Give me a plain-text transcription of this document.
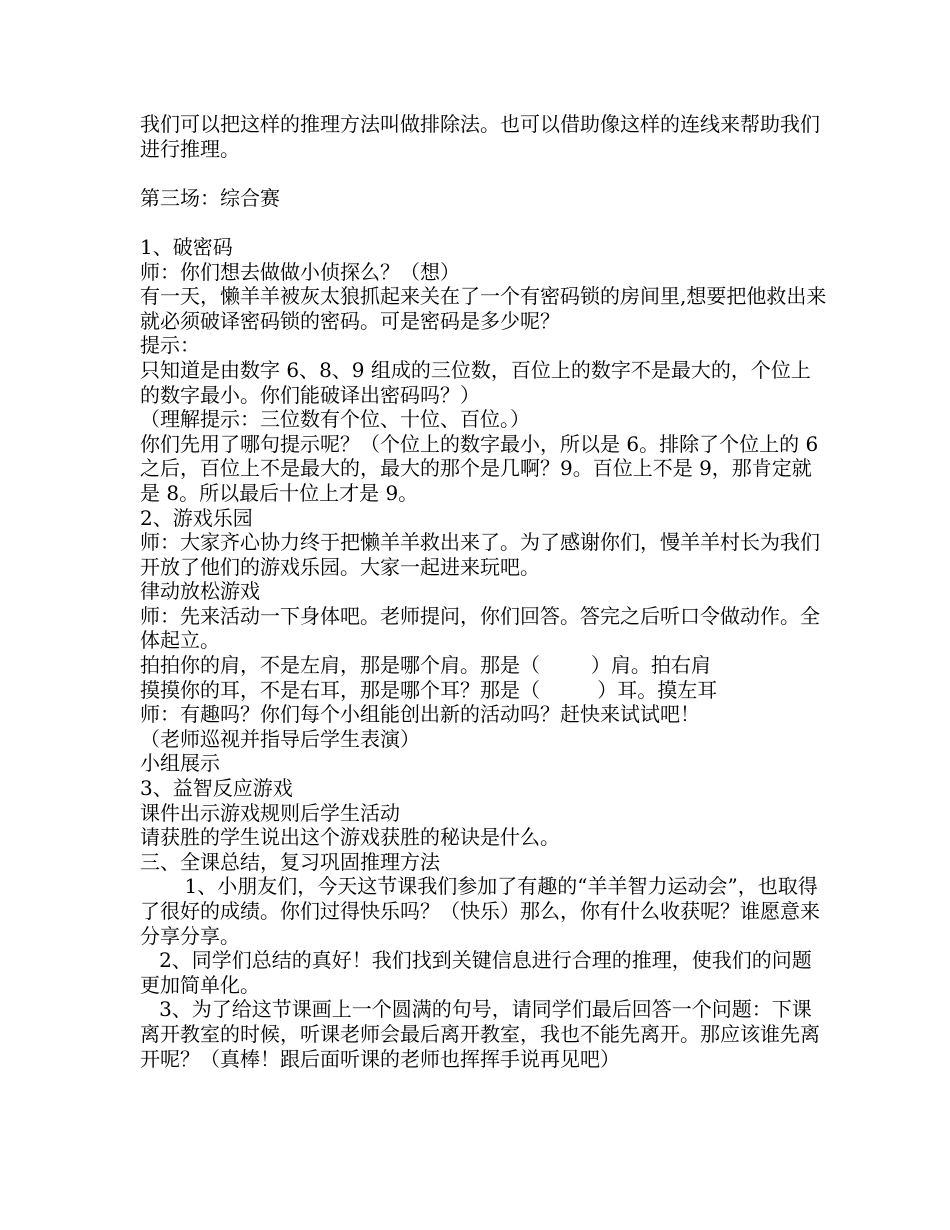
我们可以把这样的推理方法叫做排除法。也可以借助像这样的连线来帮助我们进行推理。

第三场：综合赛

1、破密码

师：你们想去做做小侦探么？（想）

有一天，懒羊羊被灰太狼抓起来关在了一个有密码锁的房间里,想要把他救出来就必须破译密码锁的密码。可是密码是多少呢？

提示：

只知道是由数字 6、8、9 组成的三位数，百位上的数字不是最大的，个位上的数字最小。你们能破译出密码吗？）

（理解提示：三位数有个位、十位、百位。）

你们先用了哪句提示呢？（个位上的数字最小，所以是 6。排除了个位上的 6 之后，百位上不是最大的，最大的那个是几啊？9。百位上不是 9，那肯定就是 8。所以最后十位上才是 9。

2、游戏乐园

师：大家齐心协力终于把懒羊羊救出来了。为了感谢你们，慢羊羊村长为我们开放了他们的游戏乐园。大家一起进来玩吧。

律动放松游戏

师：先来活动一下身体吧。老师提问，你们回答。答完之后听口令做动作。全体起立。

拍拍你的肩，不是左肩，那是哪个肩。那是（        ）肩。拍右肩

摸摸你的耳，不是右耳，那是哪个耳？那是（         ）耳。摸左耳

师：有趣吗？你们每个小组能创出新的活动吗？赶快来试试吧！

（老师巡视并指导后学生表演）

小组展示

3、益智反应游戏

课件出示游戏规则后学生活动

请获胜的学生说出这个游戏获胜的秘诀是什么。

三、全课总结，复习巩固推理方法

1、小朋友们，今天这节课我们参加了有趣的“羊羊智力运动会”，也取得了很好的成绩。你们过得快乐吗？（快乐）那么，你有什么收获呢？谁愿意来分享分享。

2、同学们总结的真好！我们找到关键信息进行合理的推理，使我们的问题更加简单化。

3、为了给这节课画上一个圆满的句号，请同学们最后回答一个问题：下课离开教室的时候，听课老师会最后离开教室，我也不能先离开。那应该谁先离开呢？（真棒！跟后面听课的老师也挥挥手说再见吧）
